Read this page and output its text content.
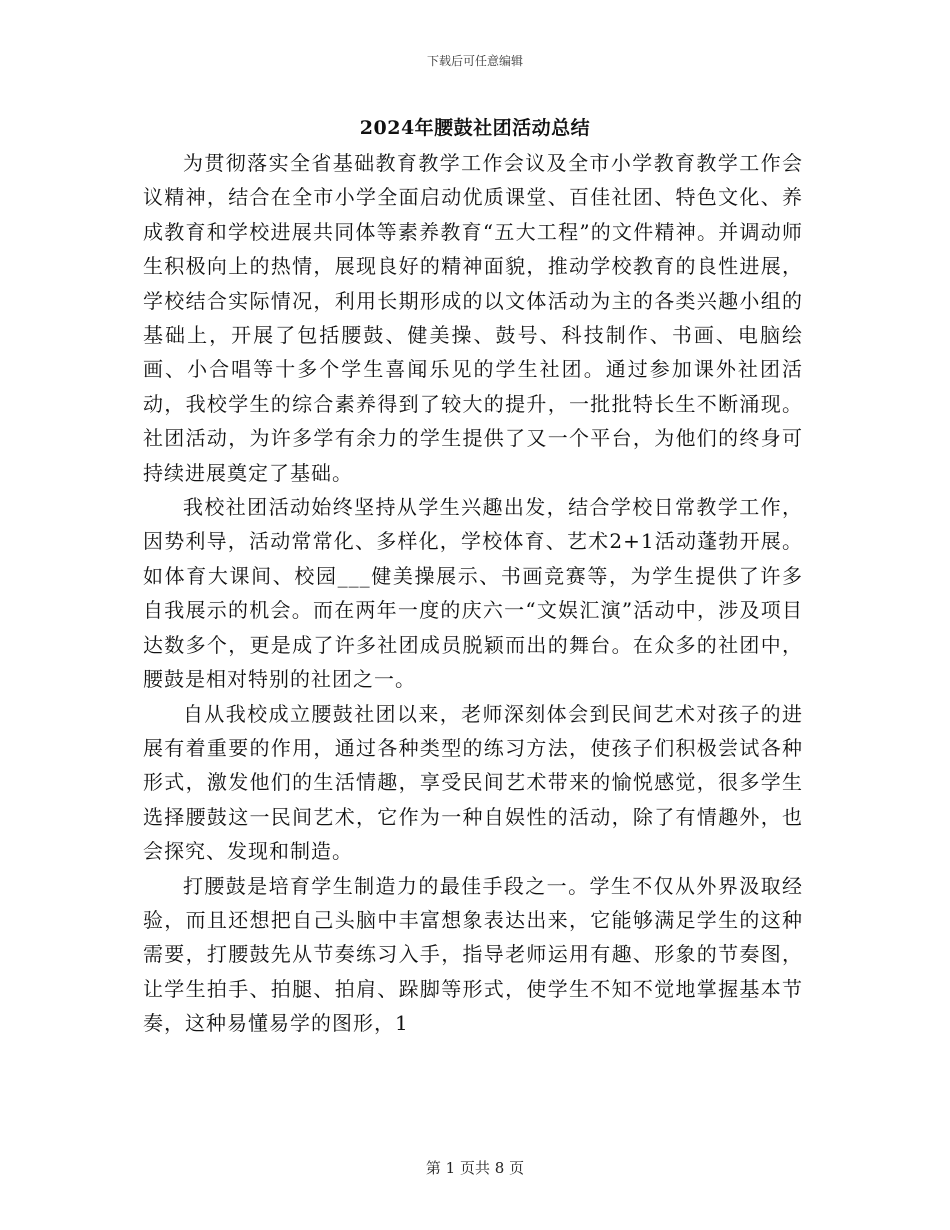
下载后可任意编辑
2024年腰鼓社团活动总结

为贯彻落实全省基础教育教学工作会议及全市小学教育教学工作会议精神，结合在全市小学全面启动优质课堂、百佳社团、特色文化、养成教育和学校进展共同体等素养教育“五大工程”的文件精神。并调动师生积极向上的热情，展现良好的精神面貌，推动学校教育的良性进展，学校结合实际情况，利用长期形成的以文体活动为主的各类兴趣小组的基础上，开展了包括腰鼓、健美操、鼓号、科技制作、书画、电脑绘画、小合唱等十多个学生喜闻乐见的学生社团。通过参加课外社团活动，我校学生的综合素养得到了较大的提升，一批批特长生不断涌现。社团活动，为许多学有余力的学生提供了又一个平台，为他们的终身可持续进展奠定了基础。

我校社团活动始终坚持从学生兴趣出发，结合学校日常教学工作，因势利导，活动常常化、多样化，学校体育、艺术2+1活动蓬勃开展。如体育大课间、校园___健美操展示、书画竞赛等，为学生提供了许多自我展示的机会。而在两年一度的庆六一“文娱汇演”活动中，涉及项目达数多个，更是成了许多社团成员脱颖而出的舞台。在众多的社团中，腰鼓是相对特别的社团之一。

自从我校成立腰鼓社团以来，老师深刻体会到民间艺术对孩子的进展有着重要的作用，通过各种类型的练习方法，使孩子们积极尝试各种形式，激发他们的生活情趣，享受民间艺术带来的愉悦感觉，很多学生选择腰鼓这一民间艺术，它作为一种自娱性的活动，除了有情趣外，也会探究、发现和制造。

打腰鼓是培育学生制造力的最佳手段之一。学生不仅从外界汲取经验，而且还想把自己头脑中丰富想象表达出来，它能够满足学生的这种需要，打腰鼓先从节奏练习入手，指导老师运用有趣、形象的节奏图，让学生拍手、拍腿、拍肩、跺脚等形式，使学生不知不觉地掌握基本节奏，这种易懂易学的图形，1

第 1 页共 8 页
